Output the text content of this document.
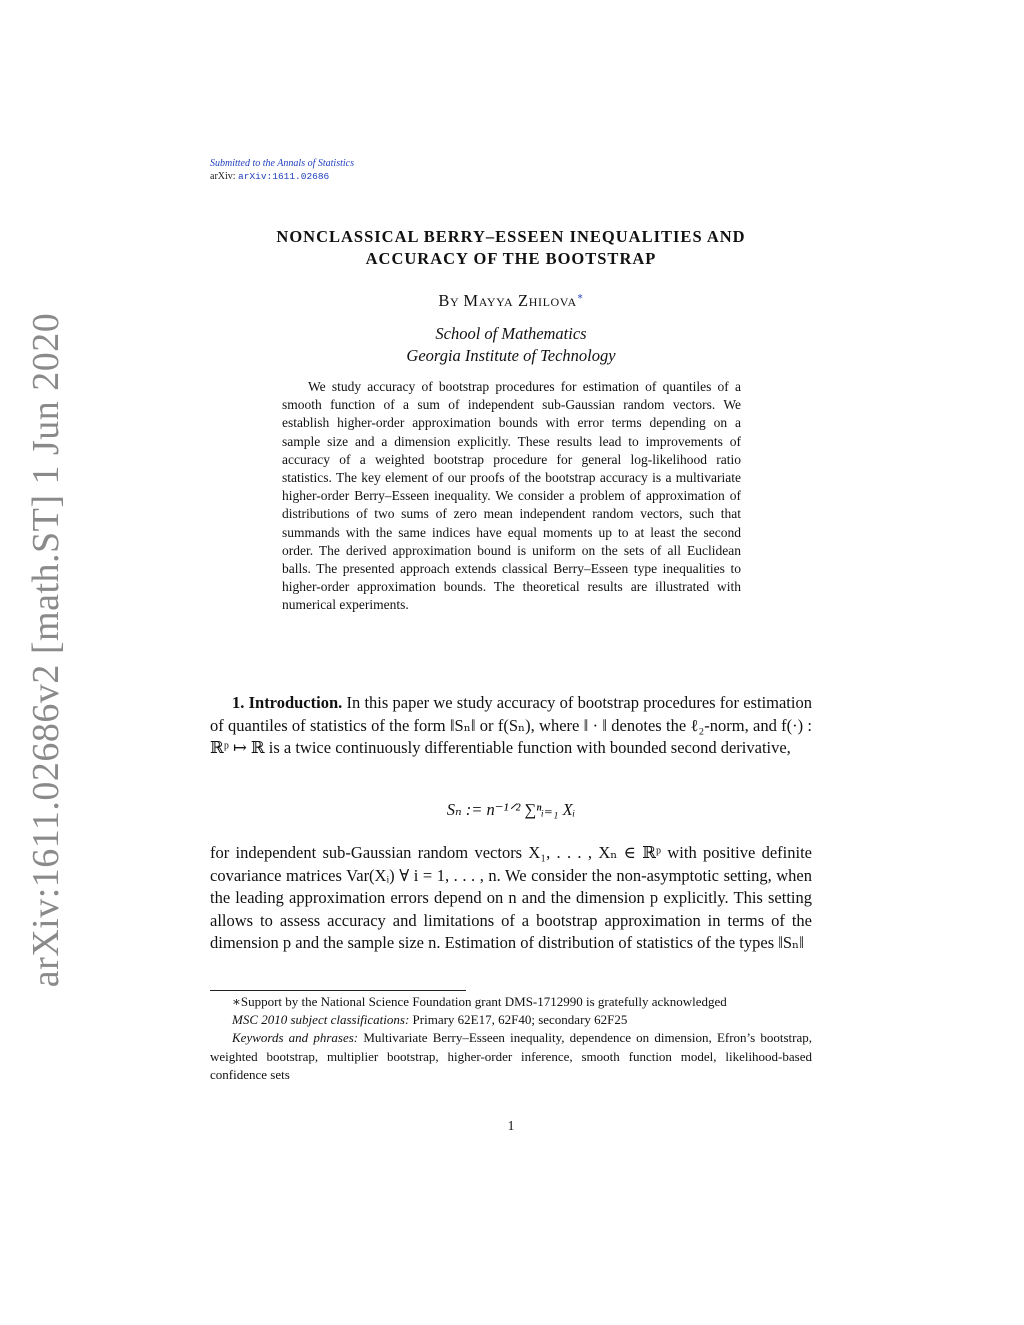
arXiv:1611.02686v2 [math.ST] 1 Jun 2020
Submitted to the Annals of Statistics
arXiv: arXiv:1611.02686
NONCLASSICAL BERRY–ESSEEN INEQUALITIES AND
ACCURACY OF THE BOOTSTRAP
By Mayya Zhilova∗
School of Mathematics
Georgia Institute of Technology
We study accuracy of bootstrap procedures for estimation of quantiles of a smooth function of a sum of independent sub-Gaussian random vectors. We establish higher-order approximation bounds with error terms depending on a sample size and a dimension explicitly. These results lead to improvements of accuracy of a weighted bootstrap procedure for general log-likelihood ratio statistics. The key element of our proofs of the bootstrap accuracy is a multivariate higher-order Berry–Esseen inequality. We consider a problem of approximation of distributions of two sums of zero mean independent random vectors, such that summands with the same indices have equal moments up to at least the second order. The derived approximation bound is uniform on the sets of all Euclidean balls. The presented approach extends classical Berry–Esseen type inequalities to higher-order approximation bounds. The theoretical results are illustrated with numerical experiments.
1. Introduction. In this paper we study accuracy of bootstrap procedures for estimation of quantiles of statistics of the form ‖Sₙ‖ or f(Sₙ), where ‖ · ‖ denotes the ℓ₂-norm, and f(·) : ℝᵖ ↦ ℝ is a twice continuously differentiable function with bounded second derivative,
Sₙ := n⁻¹ᐟ² ∑ⁿᵢ₌₁ Xᵢ
for independent sub-Gaussian random vectors X₁, . . . , Xₙ ∈ ℝᵖ with positive definite covariance matrices Var(Xᵢ) ∀ i = 1, . . . , n. We consider the non-asymptotic setting, when the leading approximation errors depend on n and the dimension p explicitly. This setting allows to assess accuracy and limitations of a bootstrap approximation in terms of the dimension p and the sample size n. Estimation of distribution of statistics of the types ‖Sₙ‖

∗Support by the National Science Foundation grant DMS-1712990 is gratefully acknowledged

MSC 2010 subject classifications: Primary 62E17, 62F40; secondary 62F25

Keywords and phrases: Multivariate Berry–Esseen inequality, dependence on dimension, Efron’s bootstrap, weighted bootstrap, multiplier bootstrap, higher-order inference, smooth function model, likelihood-based confidence sets

1
